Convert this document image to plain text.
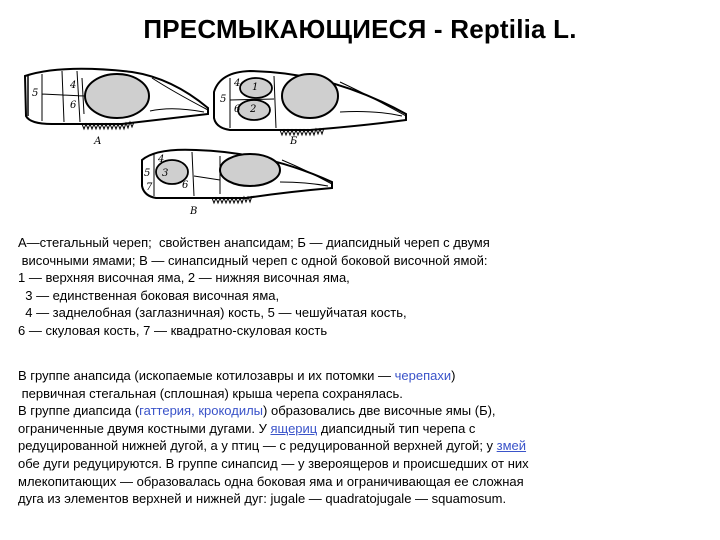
ПРЕСМЫКАЮЩИЕСЯ - Reptilia L.
5
4
6
А
4
5
6 2
1
Б
4
5 3
7	6
В
А—стегальный череп;  свойствен анапсидам; Б — диапсидный череп с двумя
височными ямами; В — синапсидный череп с одной боковой височной ямой:
1 — верхняя височная яма, 2 — нижняя височная яма,
3 — единственная боковая височная яма,
4 — заднелобная (заглазничная) кость, 5 — чешуйчатая кость,
6 — скуловая кость, 7 — квадратно-скуловая кость
В группе анапсида (ископаемые котилозавры и их потомки — черепахи)
первичная стегальная (сплошная) крыша черепа сохранялась.
В группе диапсида (гаттерия, крокодилы) образовались две височные ямы (Б),
ограниченные двумя костными дугами. У ящериц диапсидный тип черепа с
редуцированной нижней дугой, а у птиц — с редуцированной верхней дугой; у змей
обе дуги редуцируются. В группе синапсид — у звероящеров и происшедших от них
млекопитающих — образовалась одна боковая яма и ограничивающая ее сложная
дуга из элементов верхней и нижней дуг: jugale — quadratojugale — squamosum.
